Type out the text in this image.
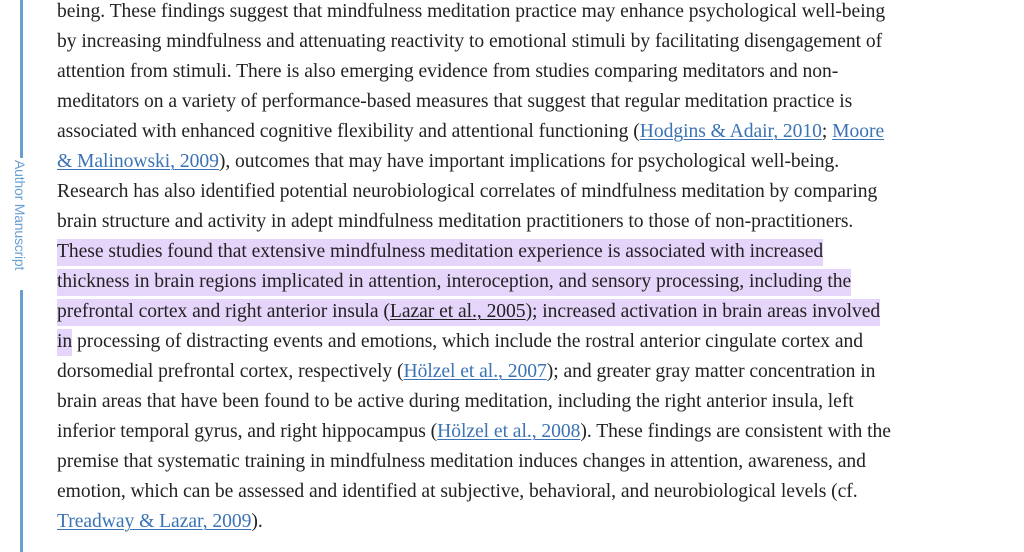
Author Manuscript
being. These findings suggest that mindfulness meditation practice may enhance psychological well-being
by increasing mindfulness and attenuating reactivity to emotional stimuli by facilitating disengagement of
attention from stimuli. There is also emerging evidence from studies comparing meditators and non-
meditators on a variety of performance-based measures that suggest that regular meditation practice is
associated with enhanced cognitive flexibility and attentional functioning (Hodgins & Adair, 2010; Moore
& Malinowski, 2009), outcomes that may have important implications for psychological well-being.
Research has also identified potential neurobiological correlates of mindfulness meditation by comparing
brain structure and activity in adept mindfulness meditation practitioners to those of non-practitioners.
These studies found that extensive mindfulness meditation experience is associated with increased
thickness in brain regions implicated in attention, interoception, and sensory processing, including the
prefrontal cortex and right anterior insula (Lazar et al., 2005); increased activation in brain areas involved
in processing of distracting events and emotions, which include the rostral anterior cingulate cortex and
dorsomedial prefrontal cortex, respectively (Hölzel et al., 2007); and greater gray matter concentration in
brain areas that have been found to be active during meditation, including the right anterior insula, left
inferior temporal gyrus, and right hippocampus (Hölzel et al., 2008). These findings are consistent with the
premise that systematic training in mindfulness meditation induces changes in attention, awareness, and
emotion, which can be assessed and identified at subjective, behavioral, and neurobiological levels (cf.
Treadway & Lazar, 2009).
